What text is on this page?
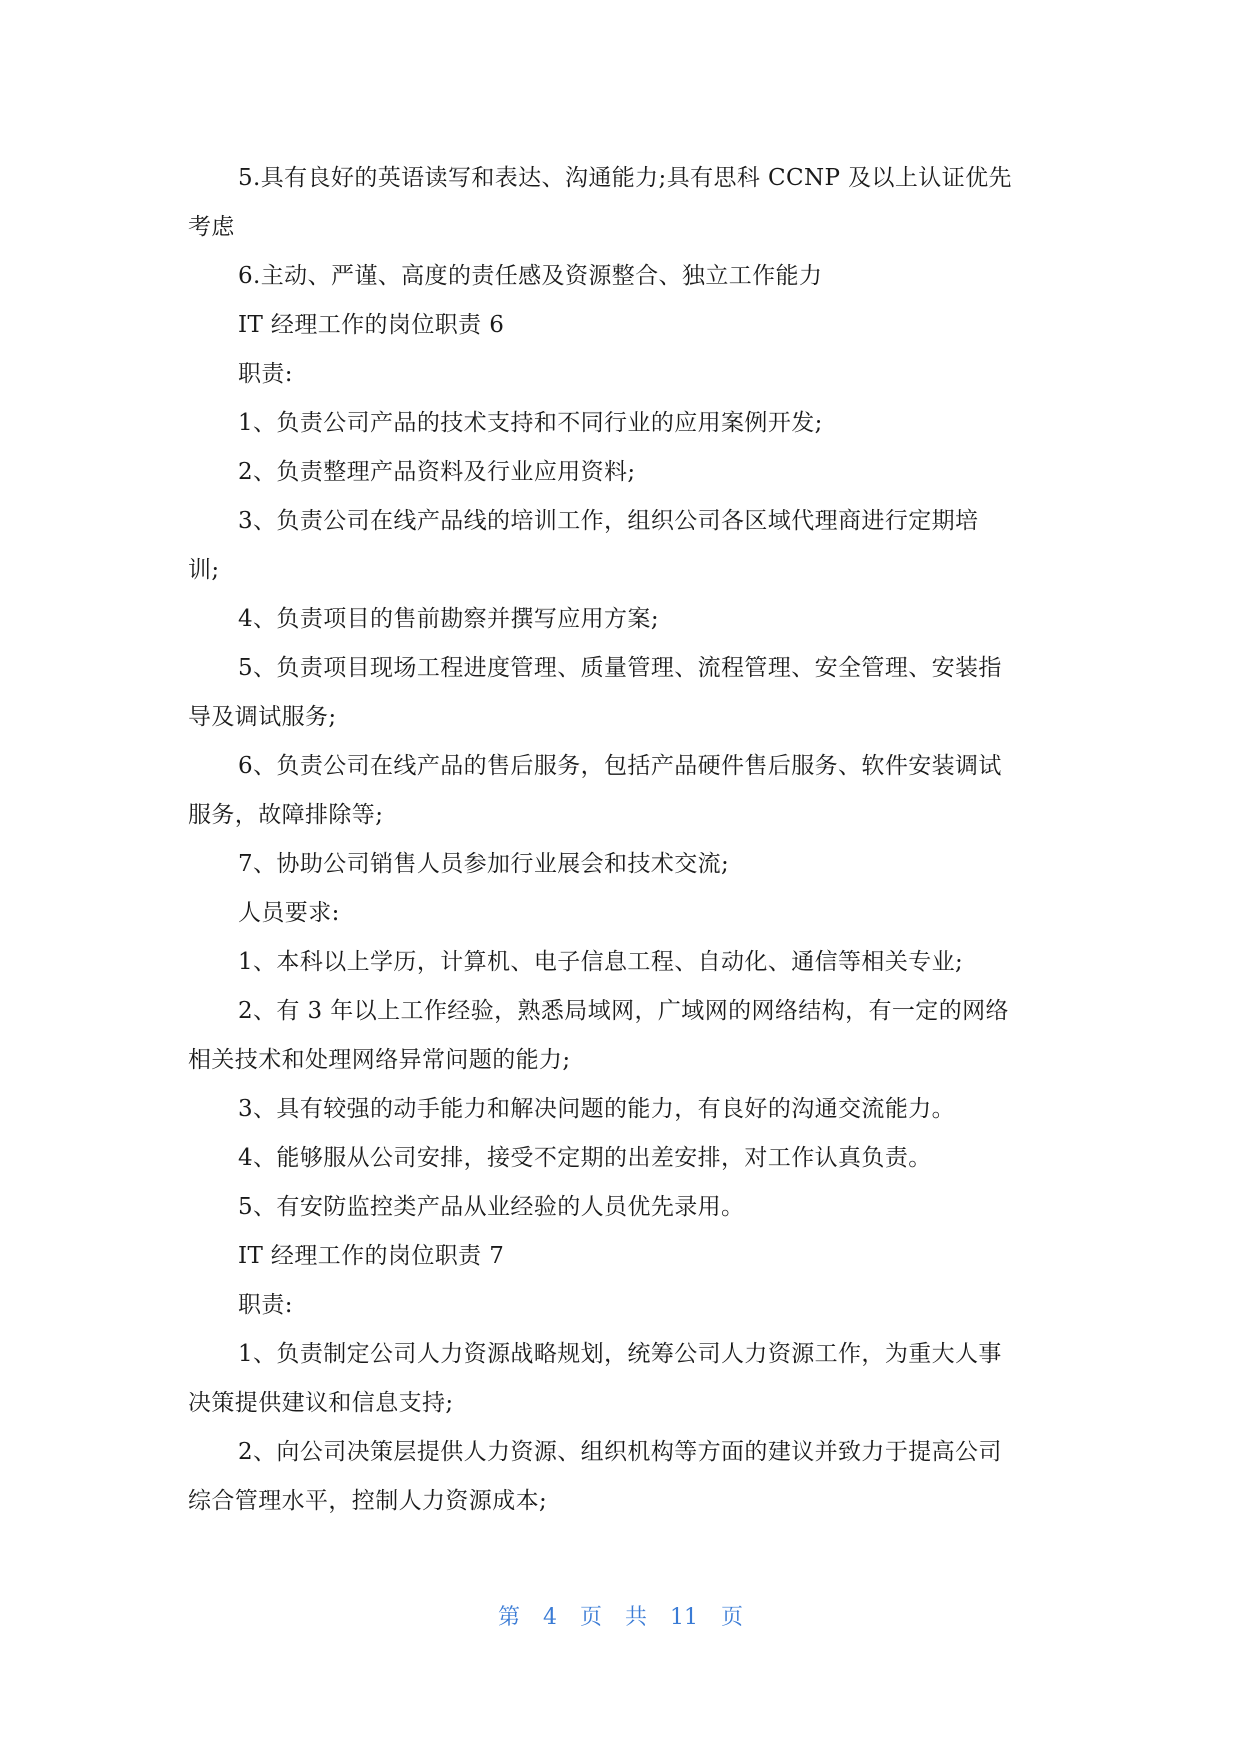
5.具有良好的英语读写和表达、沟通能力;具有思科 CCNP 及以上认证优先
考虑
6.主动、严谨、高度的责任感及资源整合、独立工作能力
IT 经理工作的岗位职责 6
职责:
1、负责公司产品的技术支持和不同行业的应用案例开发;
2、负责整理产品资料及行业应用资料;
3、负责公司在线产品线的培训工作，组织公司各区域代理商进行定期培
训;
4、负责项目的售前勘察并撰写应用方案;
5、负责项目现场工程进度管理、质量管理、流程管理、安全管理、安装指
导及调试服务;
6、负责公司在线产品的售后服务，包括产品硬件售后服务、软件安装调试
服务，故障排除等;
7、协助公司销售人员参加行业展会和技术交流;
人员要求:
1、本科以上学历，计算机、电子信息工程、自动化、通信等相关专业;
2、有 3 年以上工作经验，熟悉局域网，广域网的网络结构，有一定的网络
相关技术和处理网络异常问题的能力;
3、具有较强的动手能力和解决问题的能力，有良好的沟通交流能力。
4、能够服从公司安排，接受不定期的出差安排，对工作认真负责。
5、有安防监控类产品从业经验的人员优先录用。
IT 经理工作的岗位职责 7
职责:
1、负责制定公司人力资源战略规划，统筹公司人力资源工作，为重大人事
决策提供建议和信息支持;
2、向公司决策层提供人力资源、组织机构等方面的建议并致力于提高公司
综合管理水平，控制人力资源成本;
第 4 页 共 11 页
